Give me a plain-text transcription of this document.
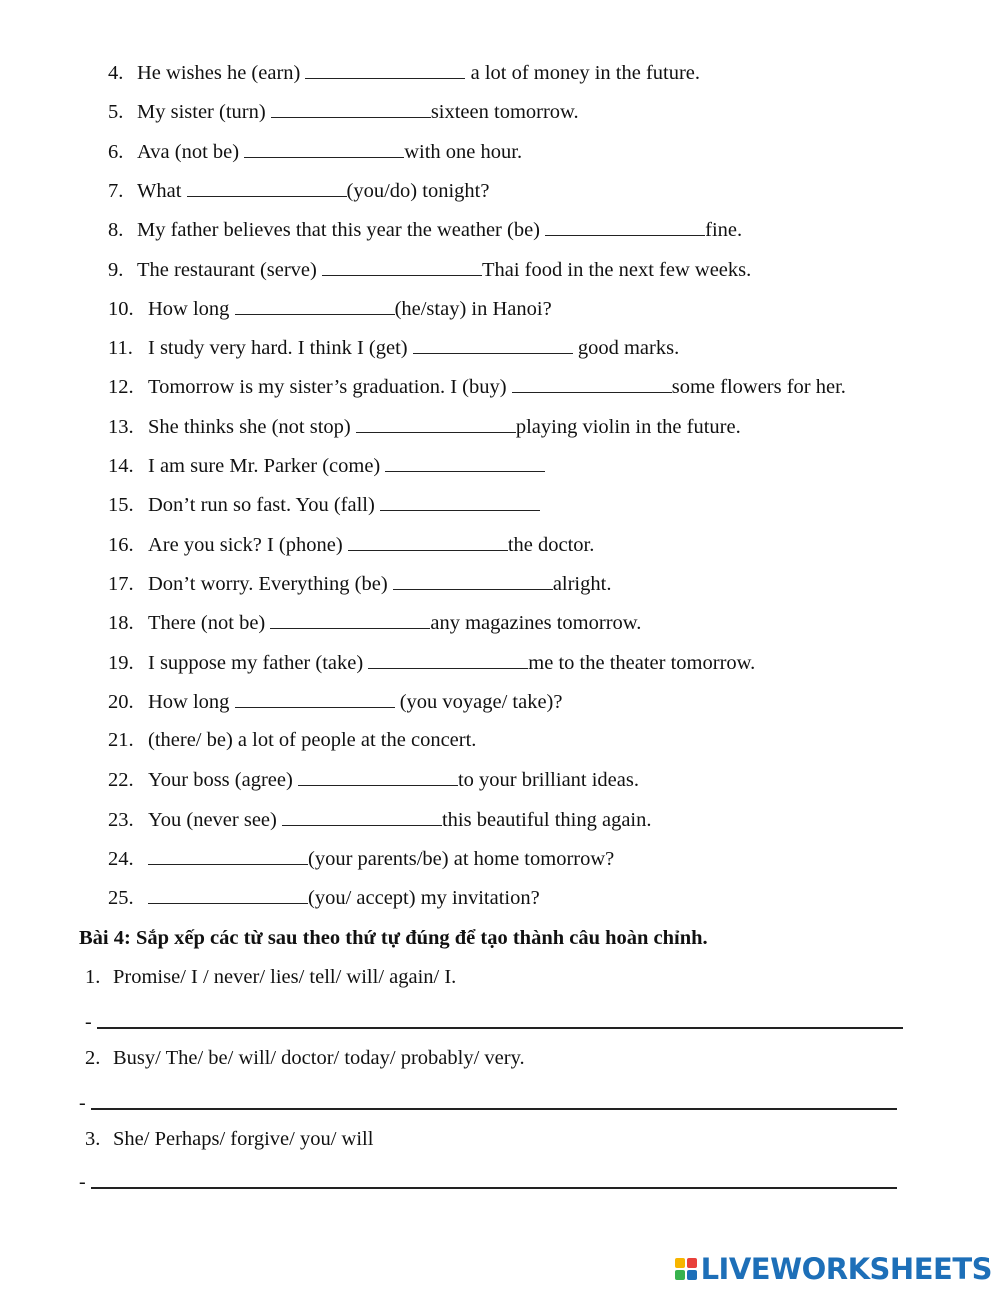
4. He wishes he (earn)	a lot of money in the future.
5. My sister (turn)	sixteen tomorrow.
6. Ava (not be)	with one hour.
7. What	(you/do) tonight?
8. My father believes that this year the weather (be)	fine.
9. The restaurant (serve)	Thai food in the next few weeks.
10. How long	(he/stay) in Hanoi?
11. I study very hard. I think I (get)	good marks.
12. Tomorrow is my sister’s graduation. I (buy)	some flowers for her.
13. She thinks she (not stop)	playing violin in the future.
14. I am sure Mr. Parker (come)
15. Don’t run so fast. You (fall)
16. Are you sick? I (phone)	the doctor.
17. Don’t worry. Everything (be)	alright.
18. There (not be)	any magazines tomorrow.
19. I suppose my father (take)	me to the theater tomorrow.
20. How long	(you voyage/ take)?
21. (there/ be) a lot of people at the concert.
22. Your boss (agree)	to your brilliant ideas.
23. You (never see)	this beautiful thing again.
24.	(your parents/be) at home tomorrow?
25.	(you/ accept) my invitation?
Bài 4: Sắp xếp các từ sau theo thứ tự đúng để tạo thành câu hoàn chỉnh.
1. Promise/ I / never/ lies/ tell/ will/ again/ I.
-
2. Busy/ The/ be/ will/ doctor/ today/ probably/ very.
-
3. She/ Perhaps/ forgive/ you/ will
-
LIVEWORKSHEETS
